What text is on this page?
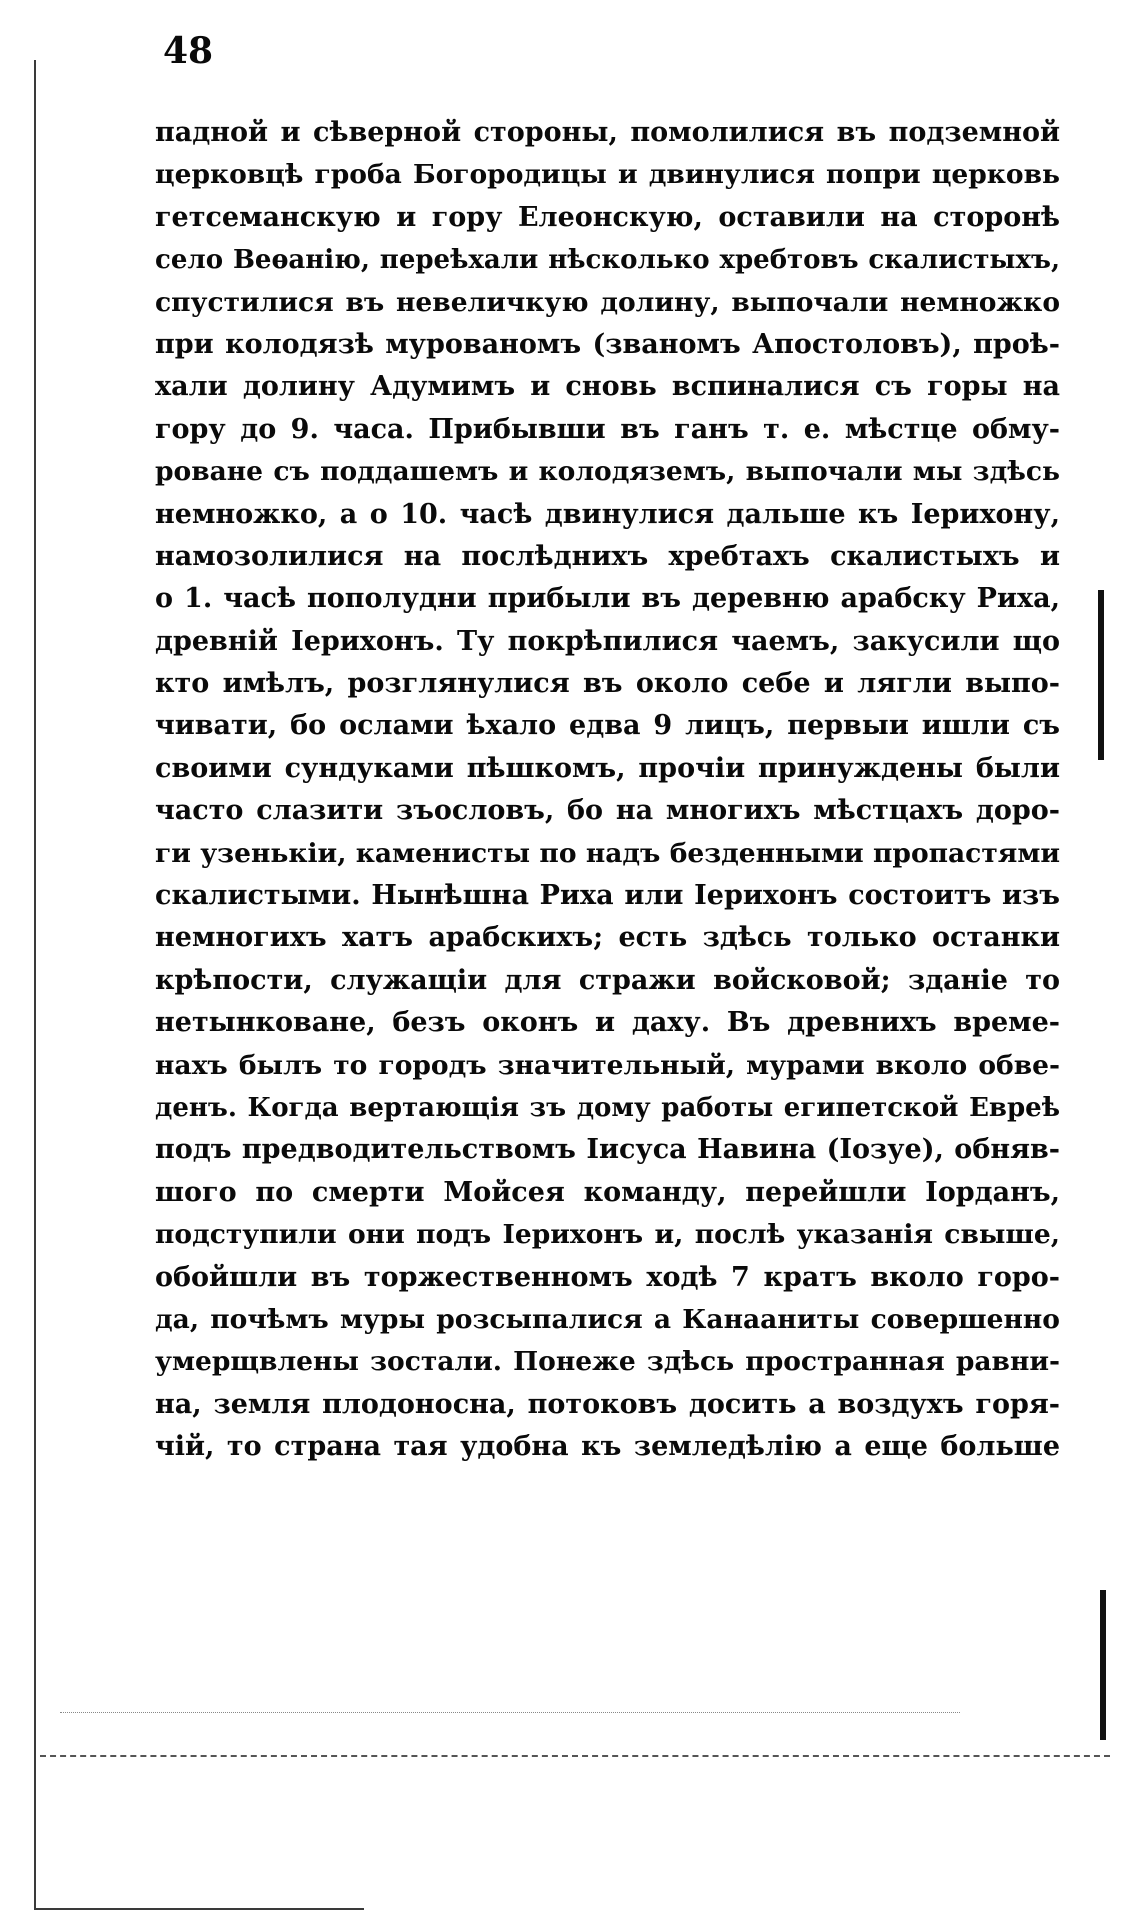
48
падной и сѣверной стороны, помолилися въ подземной
церковцѣ гроба Богородицы и двинулися попри церковь
гетсеманскую и гору Елеонскую, оставили на сторонѣ
село Веѳанію, переѣхали нѣсколько хребтовъ скалистыхъ,
спустилися въ невеличкую долину, выпочали немножко
при колодязѣ мурованомъ (званомъ Апостоловъ), проѣ-
хали долину Адумимъ и сновь вспиналися съ горы на
гору до 9. часа. Прибывши въ ганъ т. е. мѣстце обму-
роване съ поддашемъ и колодяземъ, выпочали мы здѣсь
немножко, а о 10. часѣ двинулися дальше къ Іерихону,
намозолилися на послѣднихъ хребтахъ скалистыхъ и
о 1. часѣ пополудни прибыли въ деревню арабску Риха,
древній Іерихонъ. Ту покрѣпилися чаемъ, закусили що
кто имѣлъ, розглянулися въ около себе и лягли выпо-
чивати, бо ослами ѣхало едва 9 лицъ, первыи ишли съ
своими сундуками пѣшкомъ, прочіи принуждены были
часто слазити зъословъ, бо на многихъ мѣстцахъ доро-
ги узенькіи, каменисты по надъ безденными пропастями
скалистыми. Нынѣшна Риха или Іерихонъ состоитъ изъ
немногихъ хатъ арабскихъ; есть здѣсь только останки
крѣпости, служащіи для стражи войсковой; зданіе то
нетынковане, безъ оконъ и даху. Въ древнихъ време-
нахъ былъ то городъ значительный, мурами вколо обве-
денъ. Когда вертающія зъ дому работы египетской Евреѣ
подъ предводительствомъ Іисуса Навина (Іозуе), обняв-
шого по смерти Мойсея команду, перейшли Іорданъ,
подступили они подъ Іерихонъ и, послѣ указанія свыше,
обойшли въ торжественномъ ходѣ 7 кратъ вколо горо-
да, почѣмъ муры розсыпалися а Канааниты совершенно
умерщвлены зостали. Понеже здѣсь пространная равни-
на, земля плодоносна, потоковъ досить а воздухъ горя-
чій, то страна тая удобна къ земледѣлію а еще больше
